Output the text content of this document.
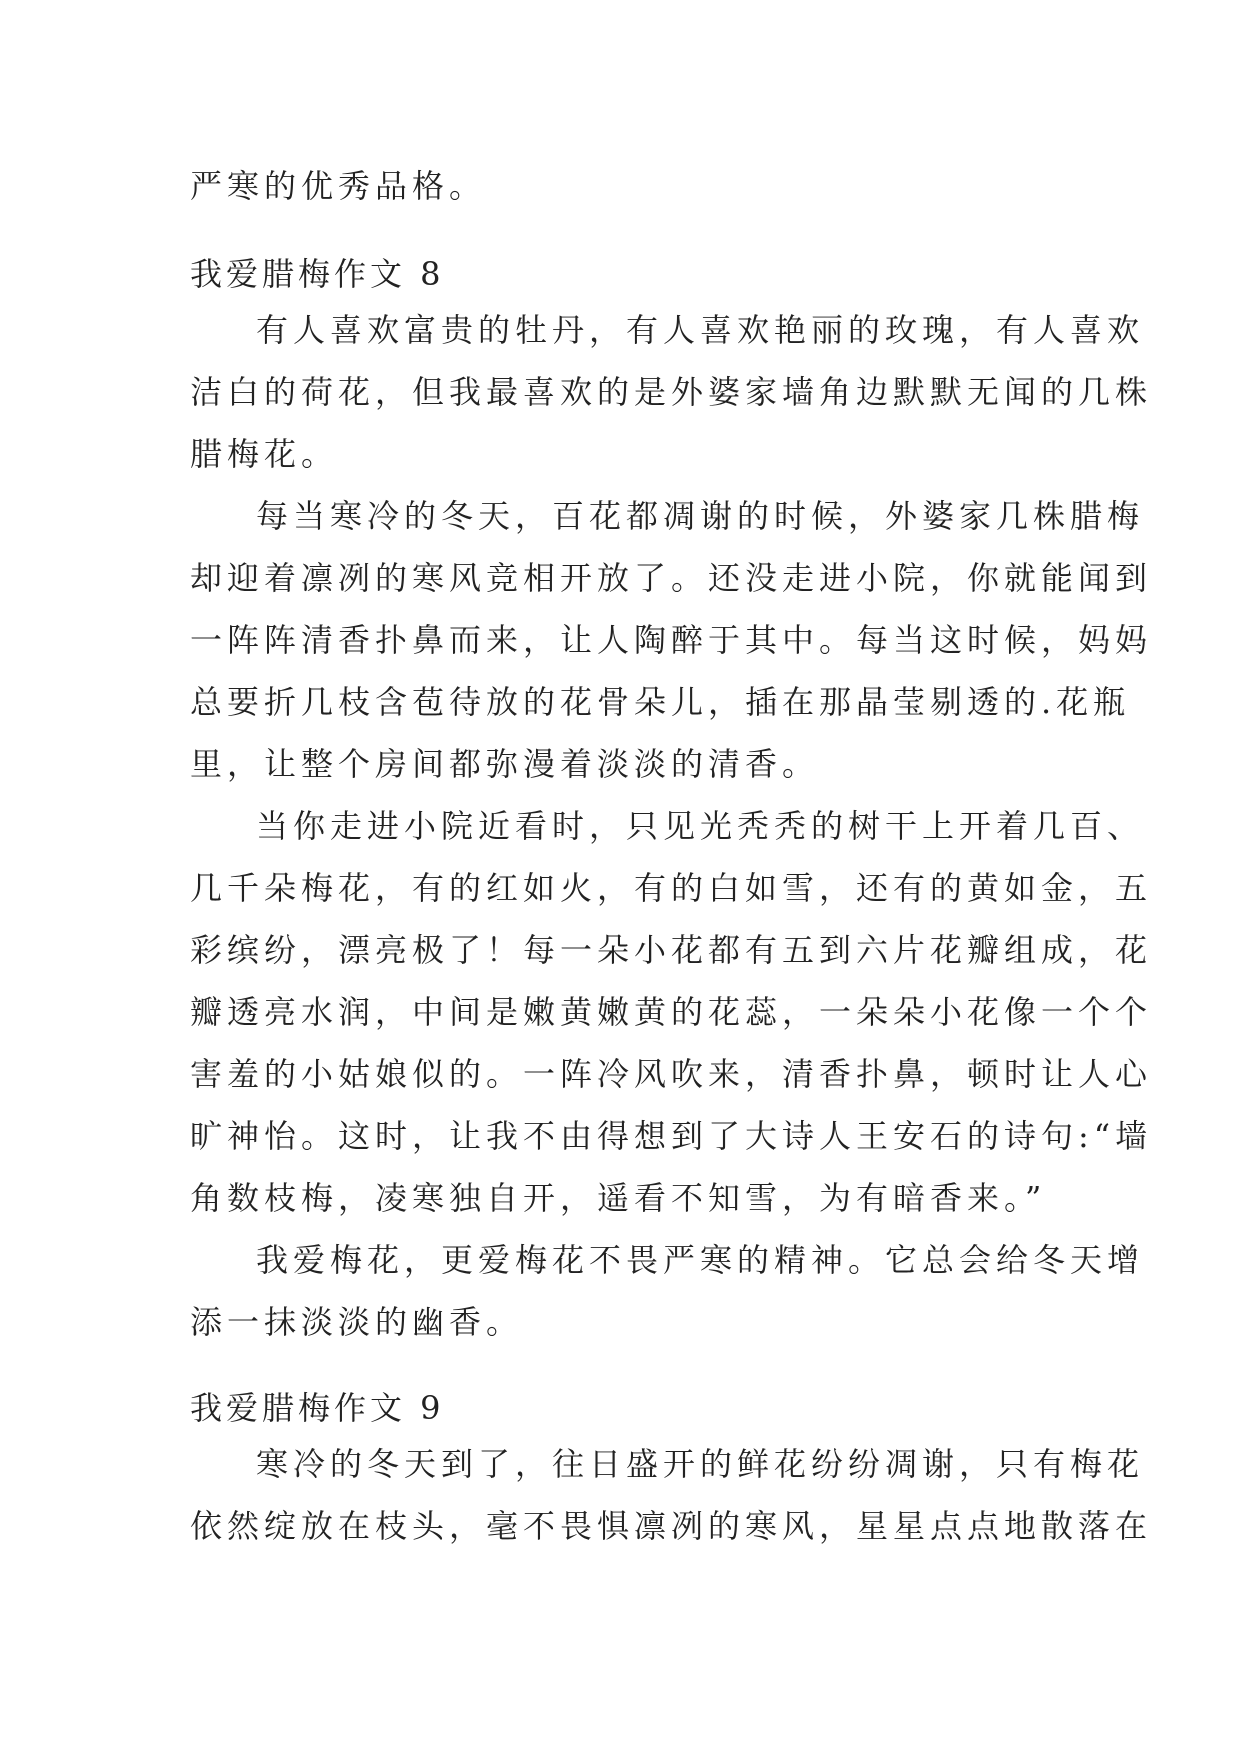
严寒的优秀品格。
我爱腊梅作文 8
有人喜欢富贵的牡丹，有人喜欢艳丽的玫瑰，有人喜欢
洁白的荷花，但我最喜欢的是外婆家墙角边默默无闻的几株
腊梅花。
每当寒冷的冬天，百花都凋谢的时候，外婆家几株腊梅
却迎着凛冽的寒风竞相开放了。还没走进小院，你就能闻到
一阵阵清香扑鼻而来，让人陶醉于其中。每当这时候，妈妈
总要折几枝含苞待放的花骨朵儿，插在那晶莹剔透的.花瓶
里，让整个房间都弥漫着淡淡的清香。
当你走进小院近看时，只见光秃秃的树干上开着几百、
几千朵梅花，有的红如火，有的白如雪，还有的黄如金，五
彩缤纷，漂亮极了！每一朵小花都有五到六片花瓣组成，花
瓣透亮水润，中间是嫩黄嫩黄的花蕊，一朵朵小花像一个个
害羞的小姑娘似的。一阵冷风吹来，清香扑鼻，顿时让人心
旷神怡。这时，让我不由得想到了大诗人王安石的诗句:“墙
角数枝梅，凌寒独自开，遥看不知雪，为有暗香来。”
我爱梅花，更爱梅花不畏严寒的精神。它总会给冬天增
添一抹淡淡的幽香。
我爱腊梅作文 9
寒冷的冬天到了，往日盛开的鲜花纷纷凋谢，只有梅花
依然绽放在枝头，毫不畏惧凛冽的寒风，星星点点地散落在
